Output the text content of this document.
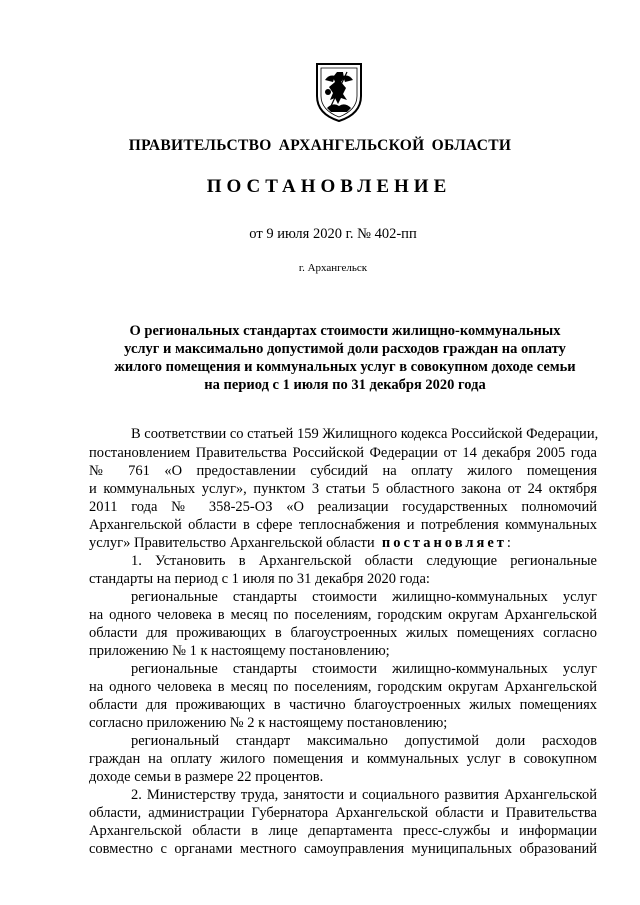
ПРАВИТЕЛЬСТВО АРХАНГЕЛЬСКОЙ ОБЛАСТИ
ПОСТАНОВЛЕНИЕ
от 9 июля 2020 г. № 402-пп
г. Архангельск
О региональных стандартах стоимости жилищно-коммунальных
услуг и максимально допустимой доли расходов граждан на оплату
жилого помещения и коммунальных услуг в совокупном доходе семьи
на период с 1 июля по 31 декабря 2020 года
В соответствии со статьей 159 Жилищного кодекса Российской Федерации,
постановлением Правительства Российской Федерации от 14 декабря 2005 года
№ 761 «О предоставлении субсидий на оплату жилого помещения
и коммунальных услуг», пунктом 3 статьи 5 областного закона от 24 октября
2011 года № 358-25-ОЗ «О реализации государственных полномочий
Архангельской области в сфере теплоснабжения и потребления коммунальных
услуг» Правительство Архангельской области постановляет:
1. Установить в Архангельской области следующие региональные
стандарты на период с 1 июля по 31 декабря 2020 года:
региональные стандарты стоимости жилищно-коммунальных услуг
на одного человека в месяц по поселениям, городским округам Архангельской
области для проживающих в благоустроенных жилых помещениях согласно
приложению № 1 к настоящему постановлению;
региональные стандарты стоимости жилищно-коммунальных услуг
на одного человека в месяц по поселениям, городским округам Архангельской
области для проживающих в частично благоустроенных жилых помещениях
согласно приложению № 2 к настоящему постановлению;
региональный стандарт максимально допустимой доли расходов
граждан на оплату жилого помещения и коммунальных услуг в совокупном
доходе семьи в размере 22 процентов.
2. Министерству труда, занятости и социального развития Архангельской
области, администрации Губернатора Архангельской области и Правительства
Архангельской области в лице департамента пресс-службы и информации
совместно с органами местного самоуправления муниципальных образований
